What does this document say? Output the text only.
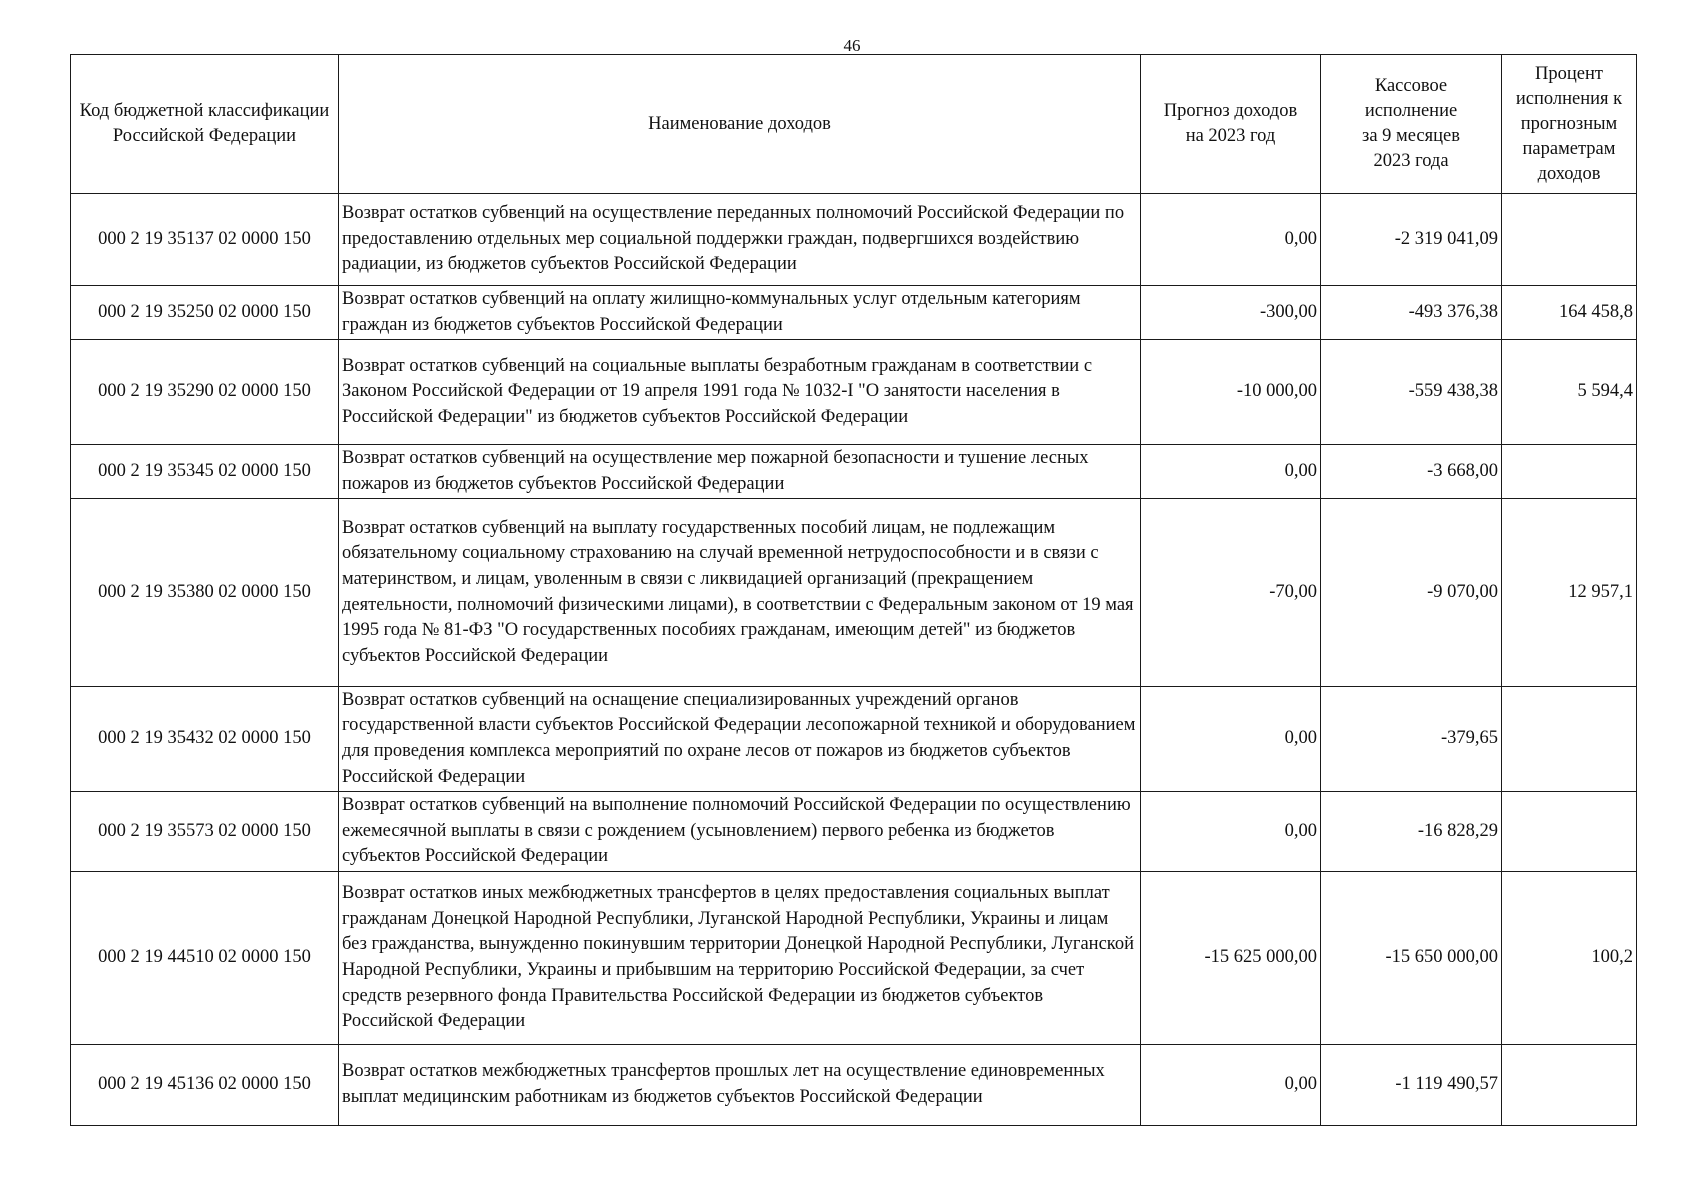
46
Код бюджетной классификации Российской Федерации	Наименование доходов	Прогноз доходов на 2023 год	Кассовое исполнение за 9 месяцев 2023 года	Процент исполнения к прогнозным параметрам доходов
000 2 19 35137 02 0000 150	Возврат остатков субвенций на осуществление переданных полномочий Российской Федерации по предоставлению отдельных мер социальной поддержки граждан, подвергшихся воздействию радиации, из бюджетов субъектов Российской Федерации	0,00	-2 319 041,09	
000 2 19 35250 02 0000 150	Возврат остатков субвенций на оплату жилищно-коммунальных услуг отдельным категориям граждан из бюджетов субъектов Российской Федерации	-300,00	-493 376,38	164 458,8
000 2 19 35290 02 0000 150	Возврат остатков субвенций на социальные выплаты безработным гражданам в соответствии с Законом Российской Федерации от 19 апреля 1991 года № 1032-I "О занятости населения в Российской Федерации" из бюджетов субъектов Российской Федерации	-10 000,00	-559 438,38	5 594,4
000 2 19 35345 02 0000 150	Возврат остатков субвенций на осуществление мер пожарной безопасности и тушение лесных пожаров из бюджетов субъектов Российской Федерации	0,00	-3 668,00	
000 2 19 35380 02 0000 150	Возврат остатков субвенций на выплату государственных пособий лицам, не подлежащим обязательному социальному страхованию на случай временной нетрудоспособности и в связи с материнством, и лицам, уволенным в связи с ликвидацией организаций (прекращением деятельности, полномочий физическими лицами), в соответствии с Федеральным законом от 19 мая 1995 года № 81-ФЗ "О государственных пособиях гражданам, имеющим детей" из бюджетов субъектов Российской Федерации	-70,00	-9 070,00	12 957,1
000 2 19 35432 02 0000 150	Возврат остатков субвенций на оснащение специализированных учреждений органов государственной власти субъектов Российской Федерации лесопожарной техникой и оборудованием для проведения комплекса мероприятий по охране лесов от пожаров из бюджетов субъектов Российской Федерации	0,00	-379,65	
000 2 19 35573 02 0000 150	Возврат остатков субвенций на выполнение полномочий Российской Федерации по осуществлению ежемесячной выплаты в связи с рождением (усыновлением) первого ребенка из бюджетов субъектов Российской Федерации	0,00	-16 828,29	
000 2 19 44510 02 0000 150	Возврат остатков иных межбюджетных трансфертов в целях предоставления социальных выплат гражданам Донецкой Народной Республики, Луганской Народной Республики, Украины и лицам без гражданства, вынужденно покинувшим территории Донецкой Народной Республики, Луганской Народной Республики, Украины и прибывшим на территорию Российской Федерации, за счет средств резервного фонда Правительства Российской Федерации из бюджетов субъектов Российской Федерации	-15 625 000,00	-15 650 000,00	100,2
000 2 19 45136 02 0000 150	Возврат остатков межбюджетных трансфертов прошлых лет на осуществление единовременных выплат медицинским работникам из бюджетов субъектов Российской Федерации	0,00	-1 119 490,57	
